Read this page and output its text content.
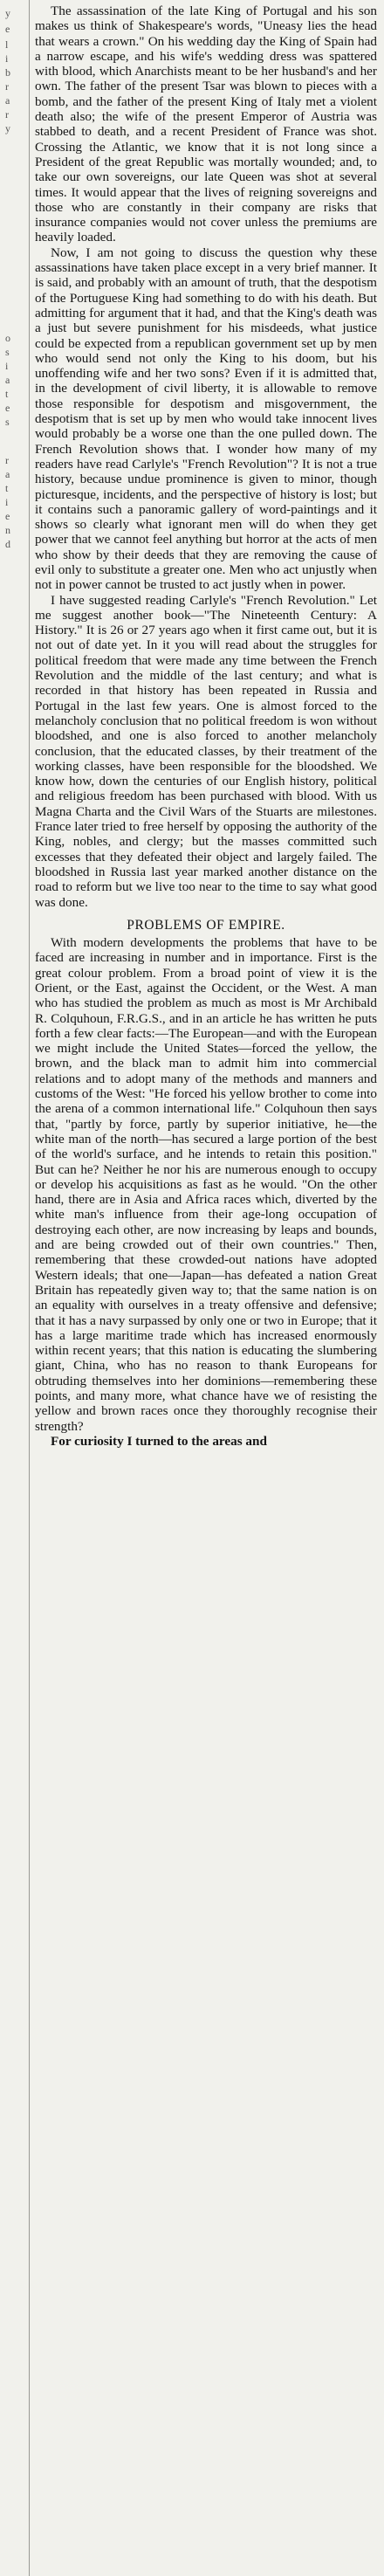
y
e
l
i
b
r
a
r
y
o
s
i
a
t
e
s
r
a
t
i
e
n
d

The assassination of the late King of Portugal and his son makes us think of Shakespeare's words, "Uneasy lies the head that wears a crown." On his wedding day the King of Spain had a narrow escape, and his wife's wedding dress was spattered with blood, which Anarchists meant to be her husband's and her own. The father of the present Tsar was blown to pieces with a bomb, and the father of the present King of Italy met a violent death also; the wife of the present Emperor of Austria was stabbed to death, and a recent President of France was shot. Crossing the Atlantic, we know that it is not long since a President of the great Republic was mortally wounded; and, to take our own sovereigns, our late Queen was shot at several times. It would appear that the lives of reigning sovereigns and those who are constantly in their company are risks that insurance companies would not cover unless the premiums are heavily loaded.

Now, I am not going to discuss the question why these assassinations have taken place except in a very brief manner. It is said, and probably with an amount of truth, that the despotism of the Portuguese King had something to do with his death. But admitting for argument that it had, and that the King's death was a just but severe punishment for his misdeeds, what justice could be expected from a republican government set up by men who would send not only the King to his doom, but his unoffending wife and her two sons? Even if it is admitted that, in the development of civil liberty, it is allowable to remove those responsible for despotism and misgovernment, the despotism that is set up by men who would take innocent lives would probably be a worse one than the one pulled down. The French Revolution shows that. I wonder how many of my readers have read Carlyle's "French Revolution"? It is not a true history, because undue prominence is given to minor, though picturesque, incidents, and the perspective of history is lost; but it contains such a panoramic gallery of word-paintings and it shows so clearly what ignorant men will do when they get power that we cannot feel anything but horror at the acts of men who show by their deeds that they are removing the cause of evil only to substitute a greater one. Men who act unjustly when not in power cannot be trusted to act justly when in power.

I have suggested reading Carlyle's "French Revolution." Let me suggest another book—"The Nineteenth Century: A History." It is 26 or 27 years ago when it first came out, but it is not out of date yet. In it you will read about the struggles for political freedom that were made any time between the French Revolution and the middle of the last century; and what is recorded in that history has been repeated in Russia and Portugal in the last few years. One is almost forced to the melancholy conclusion that no political freedom is won without bloodshed, and one is also forced to another melancholy conclusion, that the educated classes, by their treatment of the working classes, have been responsible for the bloodshed. We know how, down the centuries of our English history, political and religious freedom has been purchased with blood. With us Magna Charta and the Civil Wars of the Stuarts are milestones. France later tried to free herself by opposing the authority of the King, nobles, and clergy; but the masses committed such excesses that they defeated their object and largely failed. The bloodshed in Russia last year marked another distance on the road to reform but we live too near to the time to say what good was done.

PROBLEMS OF EMPIRE.

With modern developments the problems that have to be faced are increasing in number and in importance. First is the great colour problem. From a broad point of view it is the Orient, or the East, against the Occident, or the West. A man who has studied the problem as much as most is Mr Archibald R. Colquhoun, F.R.G.S., and in an article he has written he puts forth a few clear facts:—The European—and with the European we might include the United States—forced the yellow, the brown, and the black man to admit him into commercial relations and to adopt many of the methods and manners and customs of the West: "He forced his yellow brother to come into the arena of a common international life." Colquhoun then says that, "partly by force, partly by superior initiative, he—the white man of the north—has secured a large portion of the best of the world's surface, and he intends to retain this position." But can he? Neither he nor his are numerous enough to occupy or develop his acquisitions as fast as he would. "On the other hand, there are in Asia and Africa races which, diverted by the white man's influence from their age-long occupation of destroying each other, are now increasing by leaps and bounds, and are being crowded out of their own countries." Then, remembering that these crowded-out nations have adopted Western ideals; that one—Japan—has defeated a nation Great Britain has repeatedly given way to; that the same nation is on an equality with ourselves in a treaty offensive and defensive; that it has a navy surpassed by only one or two in Europe; that it has a large maritime trade which has increased enormously within recent years; that this nation is educating the slumbering giant, China, who has no reason to thank Europeans for obtruding themselves into her dominions—remembering these points, and many more, what chance have we of resisting the yellow and brown races once they thoroughly recognise their strength?

For curiosity I turned to the areas and
